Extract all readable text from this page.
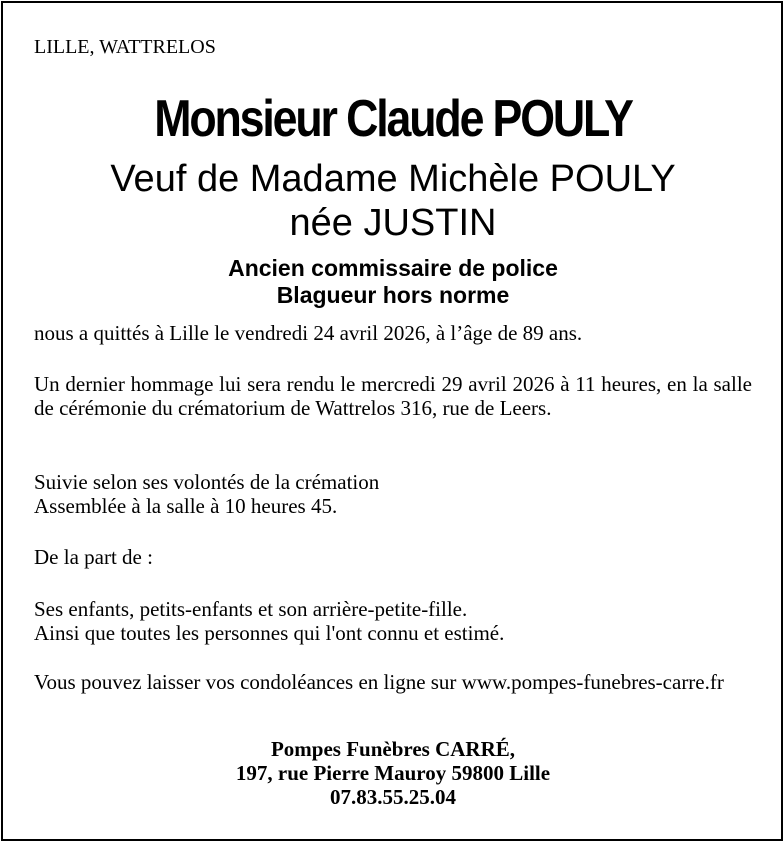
LILLE, WATTRELOS
Monsieur Claude POULY
Veuf de Madame Michèle POULY
née JUSTIN
Ancien commissaire de police
Blagueur hors norme

nous a quittés à Lille le vendredi 24 avril 2026, à l’âge de 89 ans.

Un dernier hommage lui sera rendu le mercredi 29 avril 2026 à 11 heures, en la salle de cérémonie du crématorium de Wattrelos 316, rue de Leers.

Suivie selon ses volontés de la crémation
Assemblée à la salle à 10 heures 45.

De la part de :

Ses enfants, petits-enfants et son arrière-petite-fille.
Ainsi que toutes les personnes qui l'ont connu et estimé.

Vous pouvez laisser vos condoléances en ligne sur www.pompes-funebres-carre.fr

Pompes Funèbres CARRÉ,
197, rue Pierre Mauroy 59800 Lille
07.83.55.25.04
